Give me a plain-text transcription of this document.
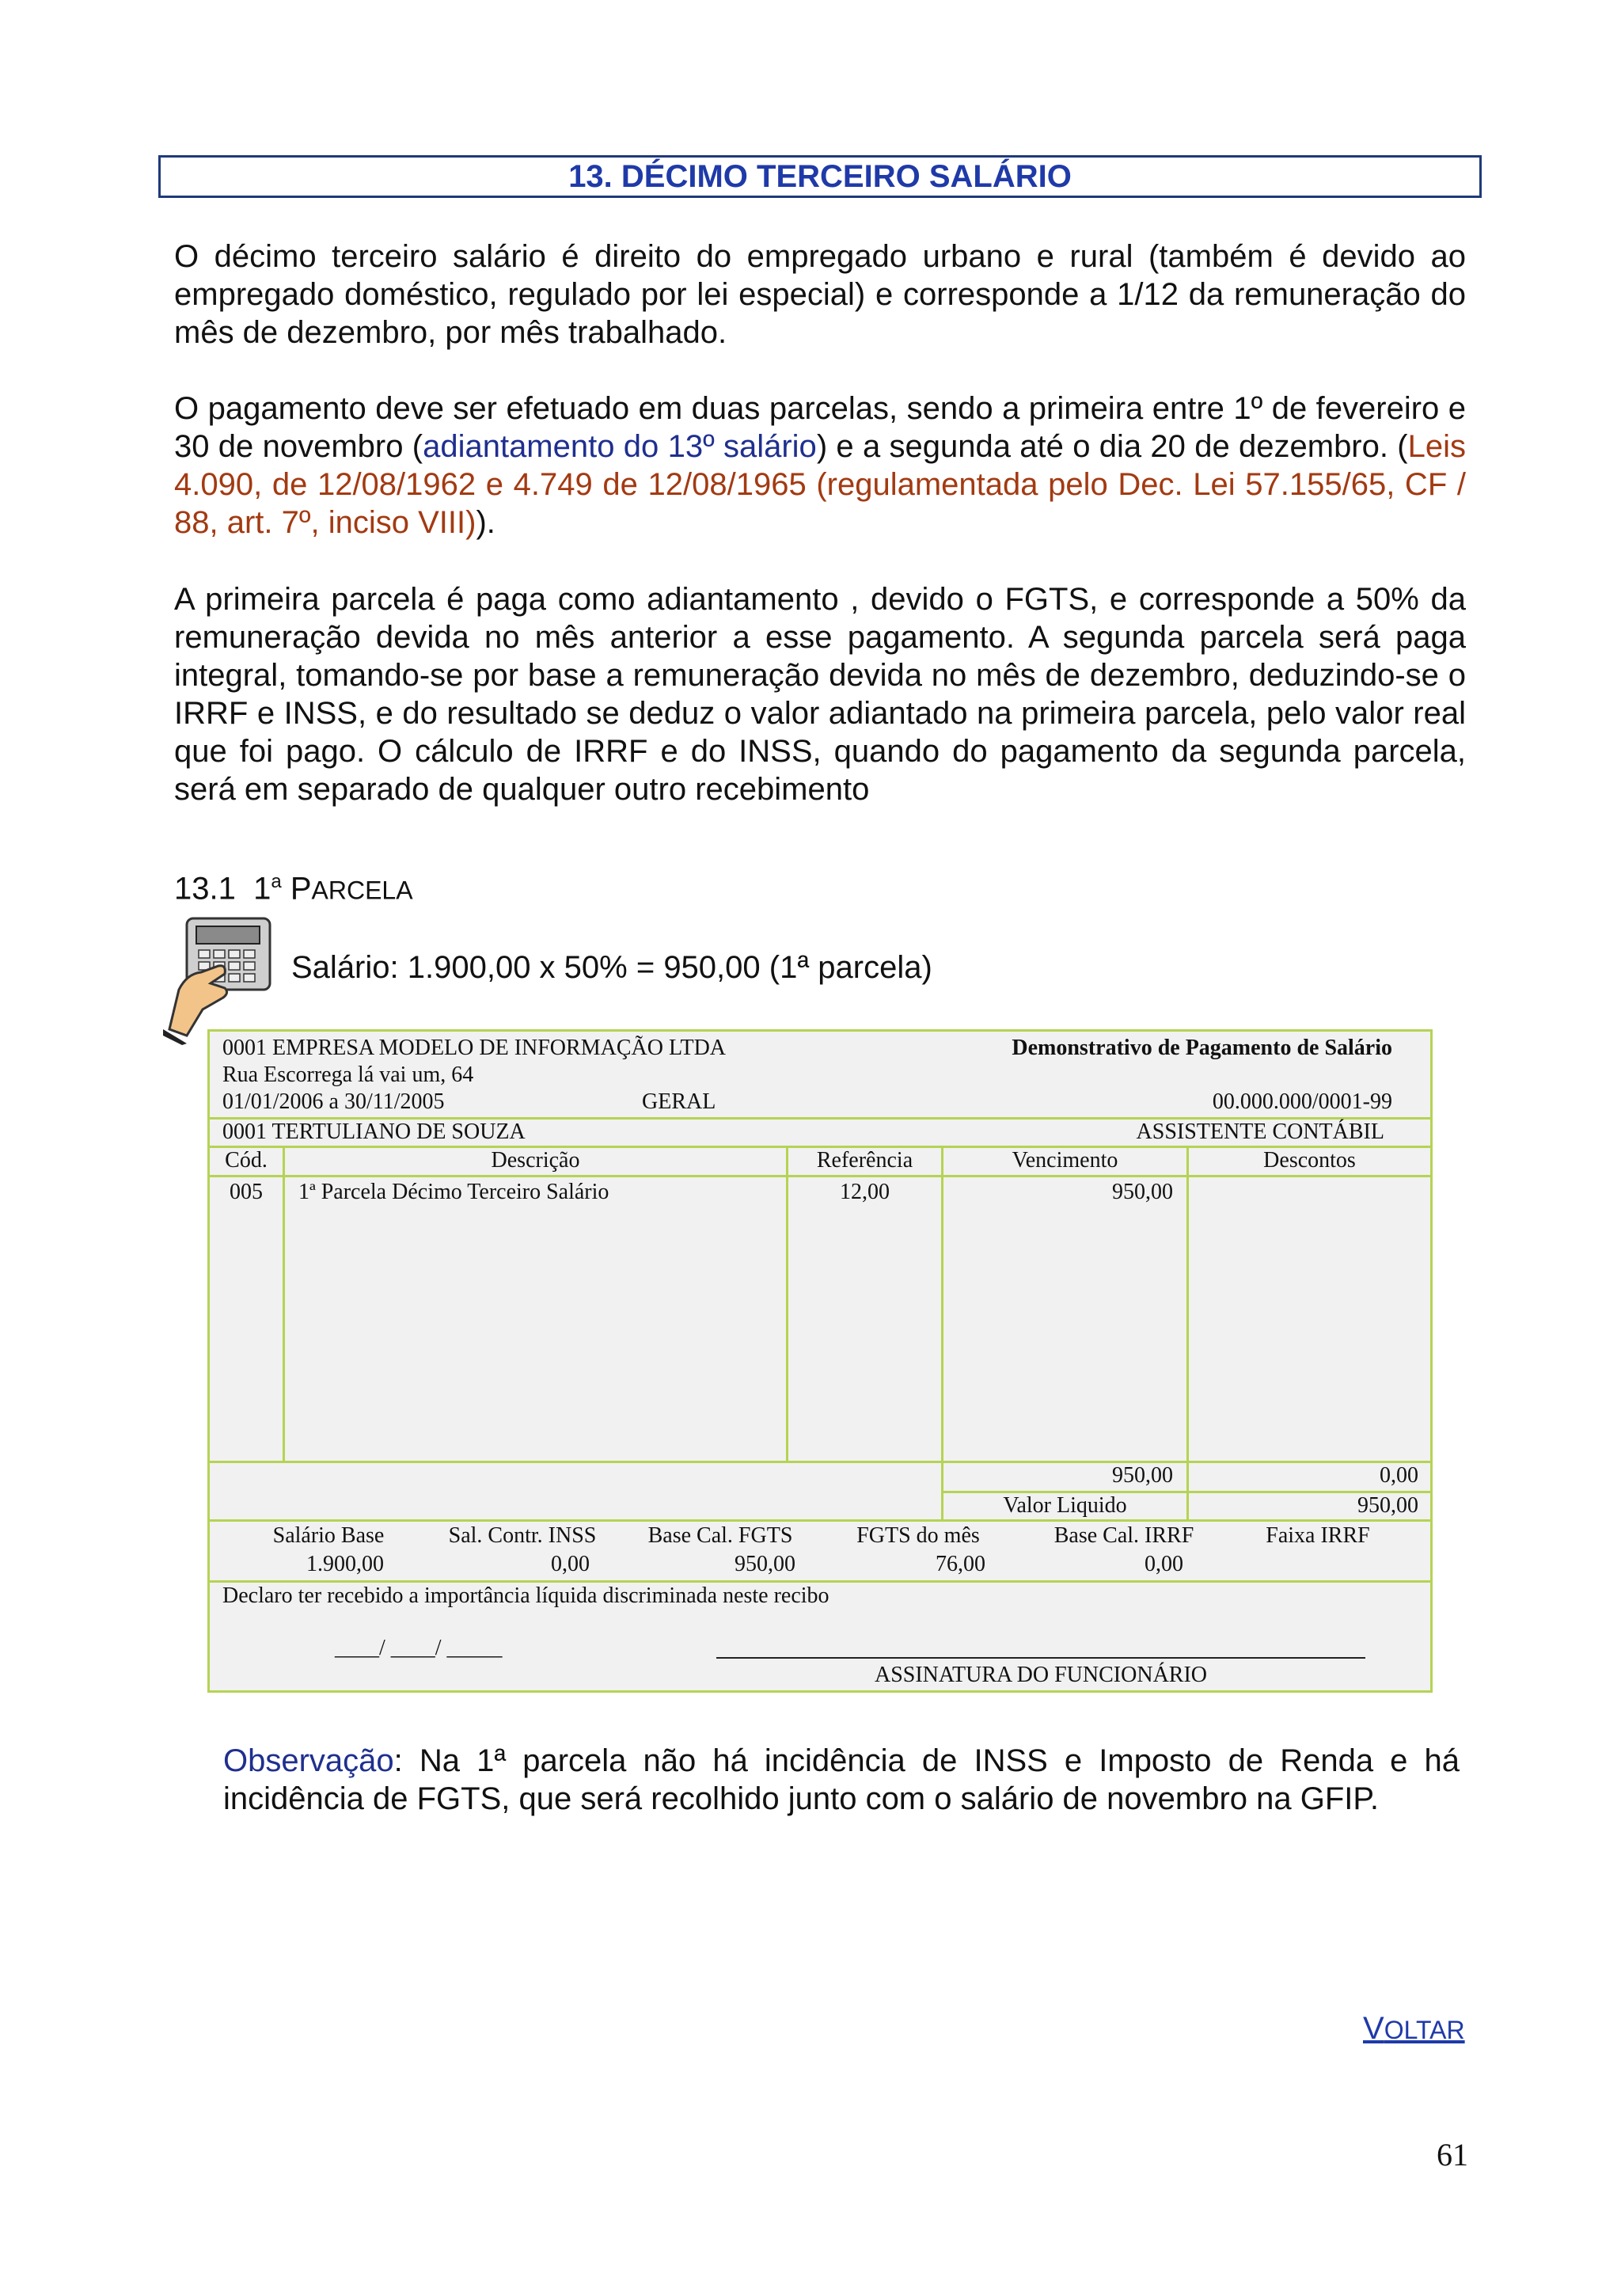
13. DÉCIMO TERCEIRO SALÁRIO

O décimo terceiro salário é direito do empregado urbano e rural (também é devido ao empregado doméstico, regulado por lei especial) e corresponde a 1/12 da remuneração do mês de dezembro, por mês trabalhado.

O pagamento deve ser efetuado em duas parcelas, sendo a primeira entre 1º de fevereiro e 30 de novembro (adiantamento do 13º salário) e a segunda até o dia 20 de dezembro. (Leis 4.090, de 12/08/1962 e 4.749 de 12/08/1965 (regulamentada pelo Dec. Lei 57.155/65, CF / 88, art. 7º, inciso VIII)).

A primeira parcela é paga como adiantamento , devido o FGTS, e corresponde a 50% da remuneração devida no mês anterior a esse pagamento. A segunda parcela será paga integral, tomando-se por base a remuneração devida no mês de dezembro, deduzindo-se o IRRF e INSS, e do resultado se deduz o valor adiantado na primeira parcela, pelo valor real que foi pago. O cálculo de IRRF e do INSS, quando do pagamento da segunda parcela, será em separado de qualquer outro recebimento

13.1 1$^a$ PARCELA
Salário: 1.900,00 x 50% = 950,00 (1ª parcela)
0001 EMPRESA MODELO DE INFORMAÇÃO LTDA	Demonstrativo de Pagamento de Salário
Rua Escorrega lá vai um, 64
01/01/2006 a 30/11/2005	GERAL	00.000.000/0001-99
0001 TERTULIANO DE SOUZA	ASSISTENTE CONTÁBIL
Cód.	Descrição	Referência	Vencimento	Descontos
005	1ª Parcela Décimo Terceiro Salário	12,00	950,00
950,00	0,00
Valor Liquido	950,00
Salário Base	Sal. Contr. INSS	Base Cal. FGTS	FGTS do mês	Base Cal. IRRF	Faixa IRRF
1.900,00	0,00	950,00	76,00	0,00
Declaro ter recebido a importância líquida discriminada neste recibo
____/ ____/ _____
ASSINATURA DO FUNCIONÁRIO

Observação: Na 1ª parcela não há incidência de INSS e Imposto de Renda e há incidência de FGTS, que será recolhido junto com o salário de novembro na GFIP.

VOLTAR
61
